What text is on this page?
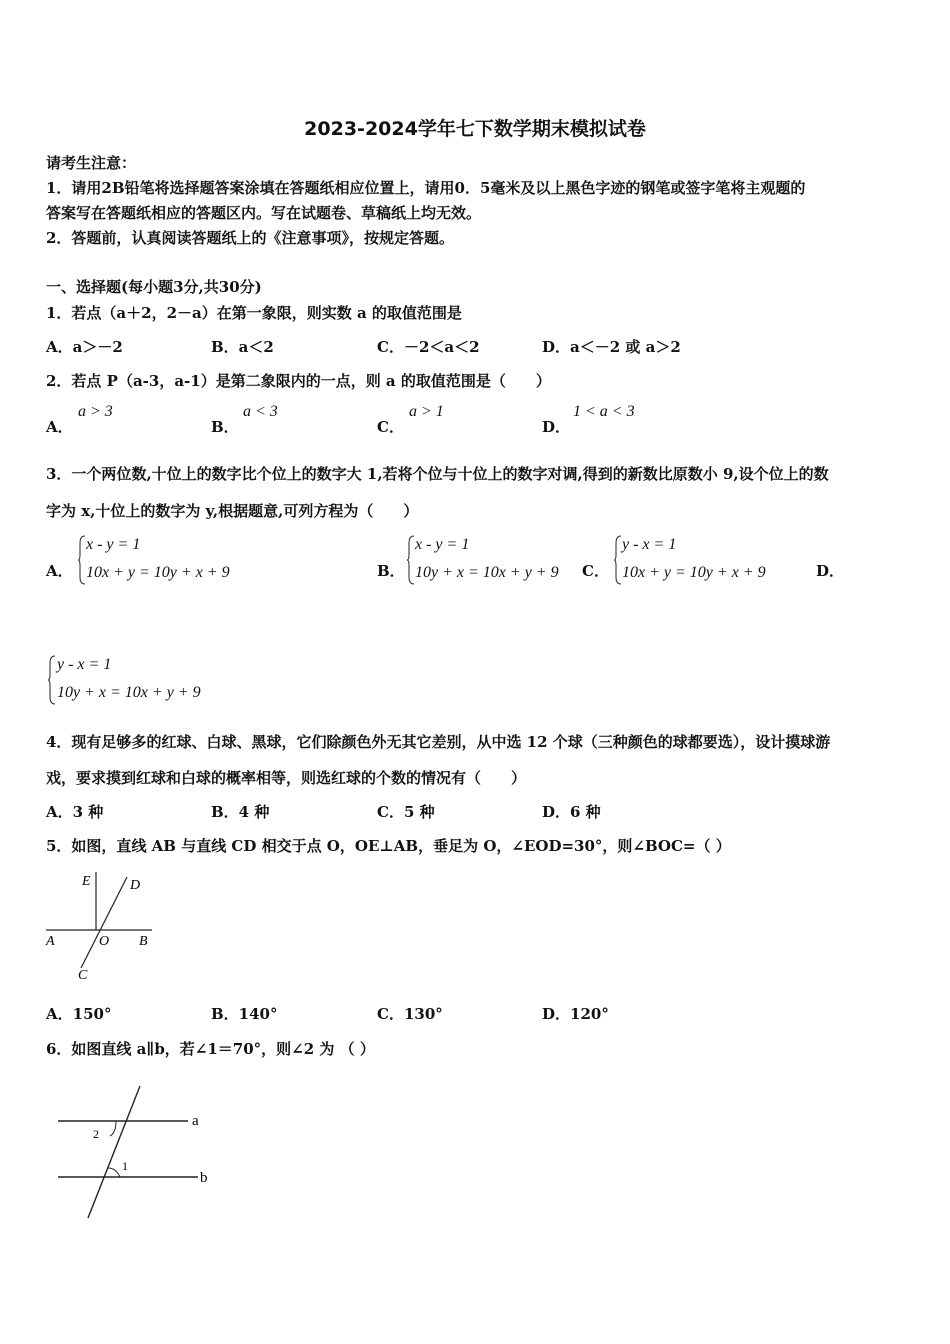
2023-2024学年七下数学期末模拟试卷
请考生注意：
1．请用2B铅笔将选择题答案涂填在答题纸相应位置上，请用0．5毫米及以上黑色字迹的钢笔或签字笔将主观题的
答案写在答题纸相应的答题区内。写在试题卷、草稿纸上均无效。
2．答题前，认真阅读答题纸上的《注意事项》，按规定答题。
一、选择题(每小题3分,共30分)
1．若点（a＋2，2－a）在第一象限，则实数 a 的取值范围是
A．a＞－2	B．a＜2	C．－2＜a＜2	D．a＜－2 或 a＞2
2．若点 P（a-3，a-1）是第二象限内的一点，则 a 的取值范围是（　　）
A．
a > 3
B．
a < 3
C．
a > 1
D．
1 < a < 3
3．一个两位数,十位上的数字比个位上的数字大 1,若将个位与十位上的数字对调,得到的新数比原数小 9,设个位上的数
字为 x,十位上的数字为 y,根据题意,可列方程为（　　）
A．
x - y = 1
10x + y = 10y + x + 9	B．
x - y = 1
10y + x = 10x + y + 9 C．
y - x = 1
10x + y = 10y + x + 9	D．
y - x = 1
10y + x = 10x + y + 9
4．现有足够多的红球、白球、黑球，它们除颜色外无其它差别，从中选 12 个球（三种颜色的球都要选），设计摸球游
戏，要求摸到红球和白球的概率相等，则选红球的个数的情况有（　　）
A．3 种	B．4 种	C．5 种	D．6 种
5．如图，直线 AB 与直线 CD 相交于点 O，OE⊥AB，垂足为 O，∠EOD=30°，则∠BOC=（ ）
E	D
A	O B
C
A．150°	B．140°	C．130°	D．120°
6．如图直线 a∥b，若∠1＝70°，则∠2 为 （ ）
a
b
1
2
